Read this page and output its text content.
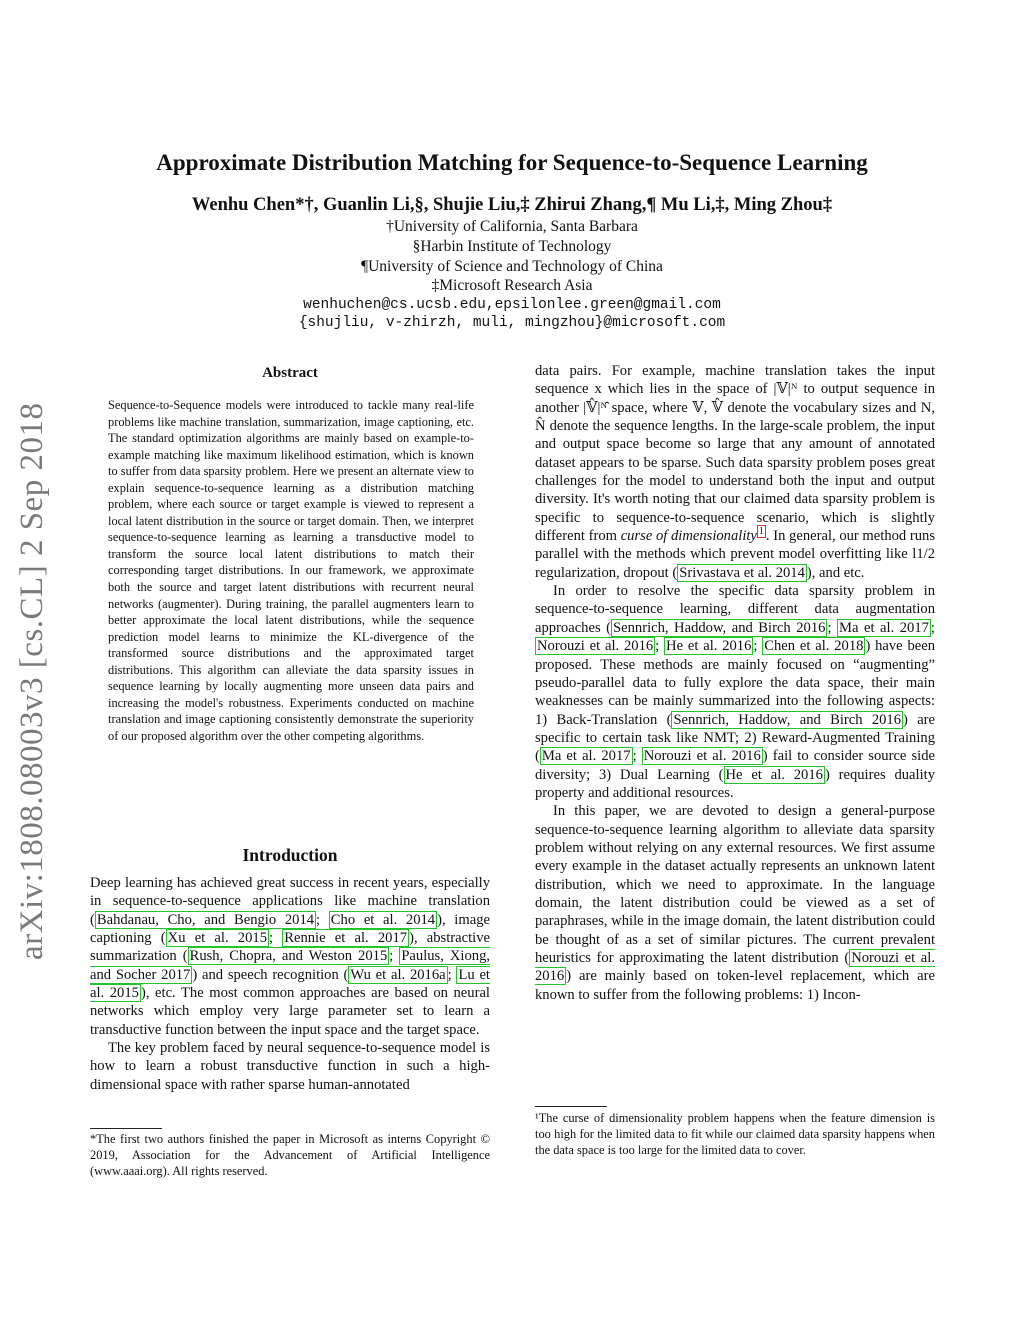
arXiv:1808.08003v3 [cs.CL] 2 Sep 2018
Approximate Distribution Matching for Sequence-to-Sequence Learning
Wenhu Chen*†, Guanlin Li,§, Shujie Liu,‡ Zhirui Zhang,¶ Mu Li,‡, Ming Zhou‡
†University of California, Santa Barbara
§Harbin Institute of Technology
¶University of Science and Technology of China
‡Microsoft Research Asia
wenhuchen@cs.ucsb.edu,epsilonlee.green@gmail.com
{shujliu, v-zhirzh, muli, mingzhou}@microsoft.com
Abstract
Sequence-to-Sequence models were introduced to tackle many real-life problems like machine translation, summarization, image captioning, etc. The standard optimization algorithms are mainly based on example-to-example matching like maximum likelihood estimation, which is known to suffer from data sparsity problem. Here we present an alternate view to explain sequence-to-sequence learning as a distribution matching problem, where each source or target example is viewed to represent a local latent distribution in the source or target domain. Then, we interpret sequence-to-sequence learning as learning a transductive model to transform the source local latent distributions to match their corresponding target distributions. In our framework, we approximate both the source and target latent distributions with recurrent neural networks (augmenter). During training, the parallel augmenters learn to better approximate the local latent distributions, while the sequence prediction model learns to minimize the KL-divergence of the transformed source distributions and the approximated target distributions. This algorithm can alleviate the data sparsity issues in sequence learning by locally augmenting more unseen data pairs and increasing the model's robustness. Experiments conducted on machine translation and image captioning consistently demonstrate the superiority of our proposed algorithm over the other competing algorithms.
Introduction

Deep learning has achieved great success in recent years, especially in sequence-to-sequence applications like machine translation ( Bahdanau, Cho, and Bengio 2014 ; Cho et al. 2014 ), image captioning ( Xu et al. 2015 ; Rennie et al. 2017 ), abstractive summarization ( Rush, Chopra, and Weston 2015 ; Paulus, Xiong, and Socher 2017 ) and speech recognition ( Wu et al. 2016a ; Lu et al. 2015 ), etc. The most common approaches are based on neural networks which employ very large parameter set to learn a transductive function between the input space and the target space.

The key problem faced by neural sequence-to-sequence model is how to learn a robust transductive function in such a high-dimensional space with rather sparse human-annotated

*The first two authors finished the paper in Microsoft as interns Copyright © 2019, Association for the Advancement of Artificial Intelligence (www.aaai.org). All rights reserved.

data pairs. For example, machine translation takes the input sequence x which lies in the space of |𝕍|ᴺ to output sequence in another |𝕍̂|ᴺ̂ space, where 𝕍, 𝕍̂ denote the vocabulary sizes and N, N̂ denote the sequence lengths. In the large-scale problem, the input and output space become so large that any amount of annotated dataset appears to be sparse. Such data sparsity problem poses great challenges for the model to understand both the input and output diversity. It's worth noting that our claimed data sparsity problem is specific to sequence-to-sequence scenario, which is slightly different from curse of dimensionality $^1$ . In general, our method runs parallel with the methods which prevent model overfitting like l1/2 regularization, dropout ( Srivastava et al. 2014 ), and etc.

In order to resolve the specific data sparsity problem in sequence-to-sequence learning, different data augmentation approaches ( Sennrich, Haddow, and Birch 2016 ; Ma et al. 2017 ; Norouzi et al. 2016 ; He et al. 2016 ; Chen et al. 2018 ) have been proposed. These methods are mainly focused on “augmenting” pseudo-parallel data to fully explore the data space, their main weaknesses can be mainly summarized into the following aspects: 1) Back-Translation ( Sennrich, Haddow, and Birch 2016 ) are specific to certain task like NMT; 2) Reward-Augmented Training ( Ma et al. 2017 ; Norouzi et al. 2016 ) fail to consider source side diversity; 3) Dual Learning ( He et al. 2016 ) requires duality property and additional resources.

In this paper, we are devoted to design a general-purpose sequence-to-sequence learning algorithm to alleviate data sparsity problem without relying on any external resources. We first assume every example in the dataset actually represents an unknown latent distribution, which we need to approximate. In the language domain, the latent distribution could be viewed as a set of paraphrases, while in the image domain, the latent distribution could be thought of as a set of similar pictures. The current prevalent heuristics for approximating the latent distribution ( Norouzi et al. 2016 ) are mainly based on token-level replacement, which are known to suffer from the following problems: 1) Incon-

¹The curse of dimensionality problem happens when the feature dimension is too high for the limited data to fit while our claimed data sparsity happens when the data space is too large for the limited data to cover.
